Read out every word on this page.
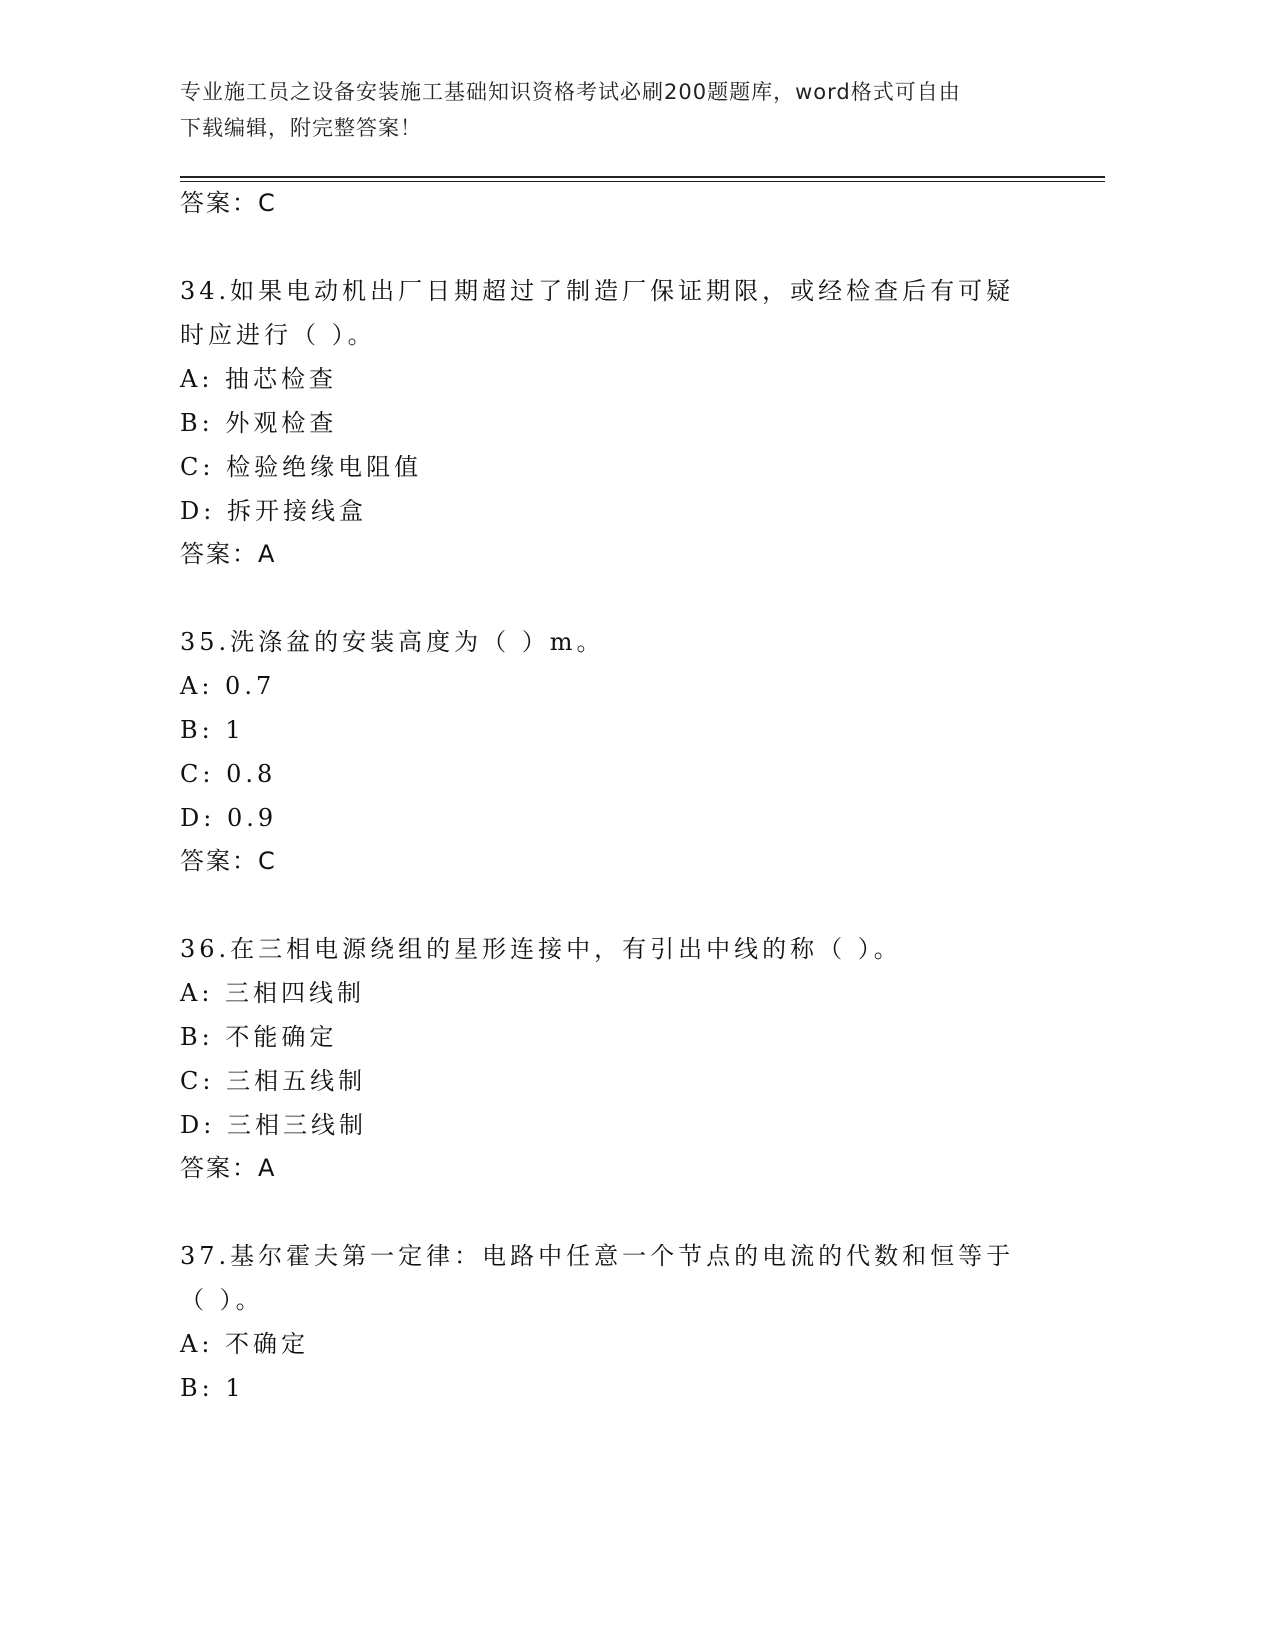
专业施工员之设备安装施工基础知识资格考试必刷200题题库，word格式可自由
下载编辑，附完整答案！
答案：C
34.如果电动机出厂日期超过了制造厂保证期限，或经检查后有可疑时应进行（ ）。
A: 抽芯检查
B: 外观检查
C: 检验绝缘电阻值
D: 拆开接线盒
答案：A
35.洗涤盆的安装高度为（ ）m。
A: 0.7
B: 1
C: 0.8
D: 0.9
答案：C
36.在三相电源绕组的星形连接中，有引出中线的称（ ）。
A: 三相四线制
B: 不能确定
C: 三相五线制
D: 三相三线制
答案：A
37.基尔霍夫第一定律：电路中任意一个节点的电流的代数和恒等于（ ）。
A: 不确定
B: 1
